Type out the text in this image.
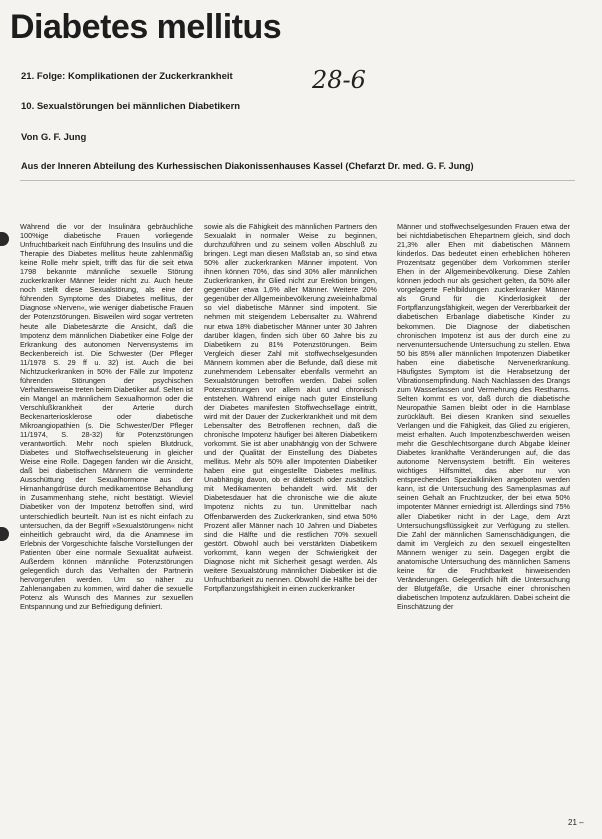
Diabetes mellitus
28-6
21. Folge: Komplikationen der Zuckerkrankheit
10. Sexualstörungen bei männlichen Diabetikern
Von G. F. Jung
Aus der Inneren Abteilung des Kurhessischen Diakonissenhauses Kassel (Chefarzt Dr. med. G. F. Jung)

Während die vor der Insulinära gebräuchliche 100%ige diabetische Frauen vorliegende Unfruchtbarkeit nach Einführung des Insulins und die Therapie des Diabetes mellitus heute zahlenmäßig keine Rolle mehr spielt, trifft das für die seit etwa 1798 bekannte männliche sexuelle Störung zuckerkranker Männer leider nicht zu. Auch heute noch stellt diese Sexualstörung, als eine der führenden Symptome des Diabetes mellitus, der Diagnose »Nerven«, wie weniger diabetische Frauen der Potenzstörungen. Bisweilen wird sogar vertreten heute alle Diabetesärzte die Ansicht, daß die Impotenz dem männlichen Diabetiker eine Folge der Erkrankung des autonomen Nervensystems im Beckenbereich ist. Die Schwester (Der Pfleger 11/1978 S. 29 ff u. 32) ist. Auch die bei Nichtzuckerkranken in 50% der Fälle zur Impotenz führenden Störungen der psychischen Verhaltensweise treten beim Diabetiker auf. Selten ist ein Mangel an männlichem Sexualhormon oder die Verschlußkrankheit der Arterie durch Beckenarteriosklerose oder diabetische Mikroangiopathien (s. Die Schwester/Der Pfleger 11/1974, S. 28-32) für Potenzstörungen verantwortlich. Mehr noch spielen Blutdruck, Diabetes und Stoffwechselsteuerung in gleicher Weise eine Rolle. Dagegen fanden wir die Ansicht, daß bei diabetischen Männern die verminderte Ausschüttung der Sexualhormone aus der Hirnanhangdrüse durch medikamentöse Behandlung in Zusammenhang stehe, nicht bestätigt. Wieviel Diabetiker von der Impotenz betroffen sind, wird unterschiedlich beurteilt. Nun ist es nicht einfach zu untersuchen, da der Begriff »Sexualstörungen« nicht einheitlich gebraucht wird, da die Anamnese im Erlebnis der Vorgeschichte falsche Vorstellungen der Patienten über eine normale Sexualität aufweist. Außerdem können männliche Potenzstörungen gelegentlich durch das Verhalten der Partnerin hervorgerufen werden. Um so näher zu Zahlenangaben zu kommen, wird daher die sexuelle Potenz als Wunsch des Mannes zur sexuellen Entspannung und zur Befriedigung definiert.

sowie als die Fähigkeit des männlichen Partners den Sexualakt in normaler Weise zu beginnen, durchzuführen und zu seinem vollen Abschluß zu bringen. Legt man diesen Maßstab an, so sind etwa 50% aller zuckerkranken Männer impotent. Von ihnen können 70%, das sind 30% aller männlichen Zuckerkranken, ihr Glied nicht zur Erektion bringen, gegenüber etwa 1,6% aller Männer. Weitere 20% gegenüber der Allgemeinbevölkerung zweieinhalbmal so viel diabetische Männer sind impotent. Sie nehmen mit steigendem Lebensalter zu. Während nur etwa 18% diabetischer Männer unter 30 Jahren darüber klagen, finden sich über 60 Jahre bis zu Diabetikern zu 81% Potenzstörungen. Beim Vergleich dieser Zahl mit stoffwechselgesunden Männern kommen aber die Befunde, daß diese mit zunehmendem Lebensalter ebenfalls vermehrt an Sexualstörungen betroffen werden. Dabei sollen Potenzstörungen vor allem akut und chronisch entstehen. Während einige nach guter Einstellung der Diabetes manifesten Stoffwechsellage eintritt, wird mit der Dauer der Zuckerkrankheit und mit dem Lebensalter des Betroffenen rechnen, daß die chronische Impotenz häufiger bei älteren Diabetikern vorkommt. Sie ist aber unabhängig von der Schwere und der Qualität der Einstellung des Diabetes mellitus. Mehr als 50% aller Impotenten Diabetiker haben eine gut eingestellte Diabetes mellitus. Unabhängig davon, ob er diätetisch oder zusätzlich mit Medikamenten behandelt wird. Mit der Diabetesdauer hat die chronische wie die akute Impotenz nichts zu tun. Unmittelbar nach Offenbarwerden des Zuckerkranken, sind etwa 50% Prozent aller Männer nach 10 Jahren und Diabetes sind die Hälfte und die restlichen 70% sexuell gestört. Obwohl auch bei verstärkten Diabetikern vorkommt, kann wegen der Schwierigkeit der Diagnose nicht mit Sicherheit gesagt werden. Als weitere Sexualstörung männlicher Diabetiker ist die Unfruchtbarkeit zu nennen. Obwohl die Hälfte bei der Fortpflanzungsfähigkeit in einen zuckerkranker

Männer und stoffwechselgesunden Frauen etwa der bei nichtdiabetischen Ehepartnern gleich, sind doch 21,3% aller Ehen mit diabetischen Männern kinderlos. Das bedeutet einen erheblichen höheren Prozentsatz gegenüber dem Vorkommen steriler Ehen in der Allgemeinbevölkerung. Diese Zahlen können jedoch nur als gesichert gelten, da 50% aller vorgelagerte Fehlbildungen zuckerkranker Männer als Grund für die Kinderlosigkeit der Fortpflanzungsfähigkeit, wegen der Vererbbarkeit der diabetischen Erbanlage diabetische Kinder zu bekommen. Die Diagnose der diabetischen chronischen Impotenz ist aus der durch eine zu nervenuntersuchende Untersuchung zu stellen. Etwa 50 bis 85% aller männlichen Impotenzen Diabetiker haben eine diabetische Nervenerkrankung. Häufigstes Symptom ist die Herabsetzung der Vibrationsempfindung. Nach Nachlassen des Drangs zum Wasserlassen und Vermehrung des Restharns. Selten kommt es vor, daß durch die diabetische Neuropathie Samen bleibt oder in die Harnblase zurückläuft. Bei diesen Kranken sind sexuelles Verlangen und die Fähigkeit, das Glied zu erigieren, meist erhalten. Auch Impotenzbeschwerden weisen mehr die Geschlechtsorgane durch Abgabe kleiner Diabetes krankhafte Veränderungen auf, die das autonome Nervensystem betrifft. Ein weiteres wichtiges Hilfsmittel, das aber nur von entsprechenden Spezialkliniken angeboten werden kann, ist die Untersuchung des Samenplasmas auf seinen Gehalt an Fruchtzucker, der bei etwa 50% impotenter Männer erniedrigt ist. Allerdings sind 75% aller Diabetiker nicht in der Lage, dem Arzt Untersuchungsflüssigkeit zur Verfügung zu stellen. Die Zahl der männlichen Samenschädigungen, die damit im Vergleich zu den sexuell eingestellten Männern weniger zu sein. Dagegen ergibt die anatomische Untersuchung des männlichen Samens keine für die Fruchtbarkeit hinweisenden Veränderungen. Gelegentlich hilft die Untersuchung der Blutgefäße, die Ursache einer chronischen diabetischen Impotenz aufzuklären. Dabei scheint die Einschätzung der

21 –
